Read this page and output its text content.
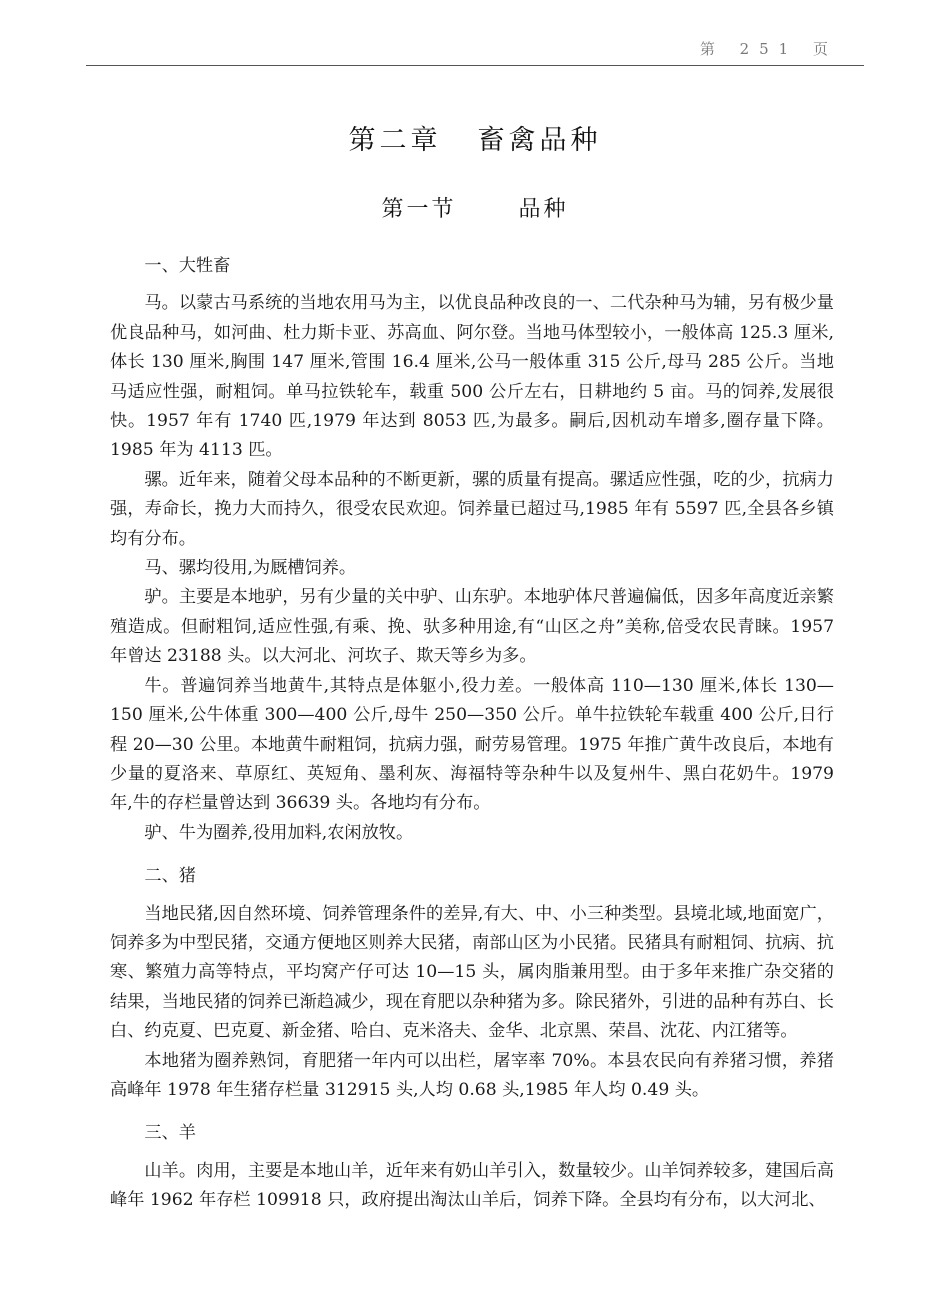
第 251 页
第二章 畜禽品种
第一节	品种
一、大牲畜

马。以蒙古马系统的当地农用马为主，以优良品种改良的一、二代杂种马为辅，另有极少量优良品种马，如河曲、杜力斯卡亚、苏高血、阿尔登。当地马体型较小，一般体高 125.3 厘米,体长 130 厘米,胸围 147 厘米,管围 16.4 厘米,公马一般体重 315 公斤,母马 285 公斤。当地马适应性强，耐粗饲。单马拉铁轮车，载重 500 公斤左右，日耕地约 5 亩。马的饲养,发展很快。1957 年有 1740 匹,1979 年达到 8053 匹,为最多。嗣后,因机动车增多,圈存量下降。1985 年为 4113 匹。

骡。近年来，随着父母本品种的不断更新，骡的质量有提高。骡适应性强，吃的少，抗病力强，寿命长，挽力大而持久，很受农民欢迎。饲养量已超过马,1985 年有 5597 匹,全县各乡镇均有分布。

马、骡均役用,为厩槽饲养。

驴。主要是本地驴，另有少量的关中驴、山东驴。本地驴体尺普遍偏低，因多年高度近亲繁殖造成。但耐粗饲,适应性强,有乘、挽、驮多种用途,有“山区之舟”美称,倍受农民青睐。1957 年曾达 23188 头。以大河北、河坎子、欺天等乡为多。

牛。普遍饲养当地黄牛,其特点是体躯小,役力差。一般体高 110—130 厘米,体长 130—150 厘米,公牛体重 300—400 公斤,母牛 250—350 公斤。单牛拉铁轮车载重 400 公斤,日行程 20—30 公里。本地黄牛耐粗饲，抗病力强，耐劳易管理。1975 年推广黄牛改良后，本地有少量的夏洛来、草原红、英短角、墨利灰、海福特等杂种牛以及复州牛、黑白花奶牛。1979 年,牛的存栏量曾达到 36639 头。各地均有分布。

驴、牛为圈养,役用加料,农闲放牧。

二、猪

当地民猪,因自然环境、饲养管理条件的差异,有大、中、小三种类型。县境北域,地面宽广，饲养多为中型民猪，交通方便地区则养大民猪，南部山区为小民猪。民猪具有耐粗饲、抗病、抗寒、繁殖力高等特点，平均窝产仔可达 10—15 头，属肉脂兼用型。由于多年来推广杂交猪的结果，当地民猪的饲养已渐趋减少，现在育肥以杂种猪为多。除民猪外，引进的品种有苏白、长白、约克夏、巴克夏、新金猪、哈白、克米洛夫、金华、北京黑、荣昌、沈花、内江猪等。

本地猪为圈养熟饲，育肥猪一年内可以出栏，屠宰率 70%。本县农民向有养猪习惯，养猪高峰年 1978 年生猪存栏量 312915 头,人均 0.68 头,1985 年人均 0.49 头。

三、羊

山羊。肉用，主要是本地山羊，近年来有奶山羊引入，数量较少。山羊饲养较多，建国后高峰年 1962 年存栏 109918 只，政府提出淘汰山羊后，饲养下降。全县均有分布，以大河北、
